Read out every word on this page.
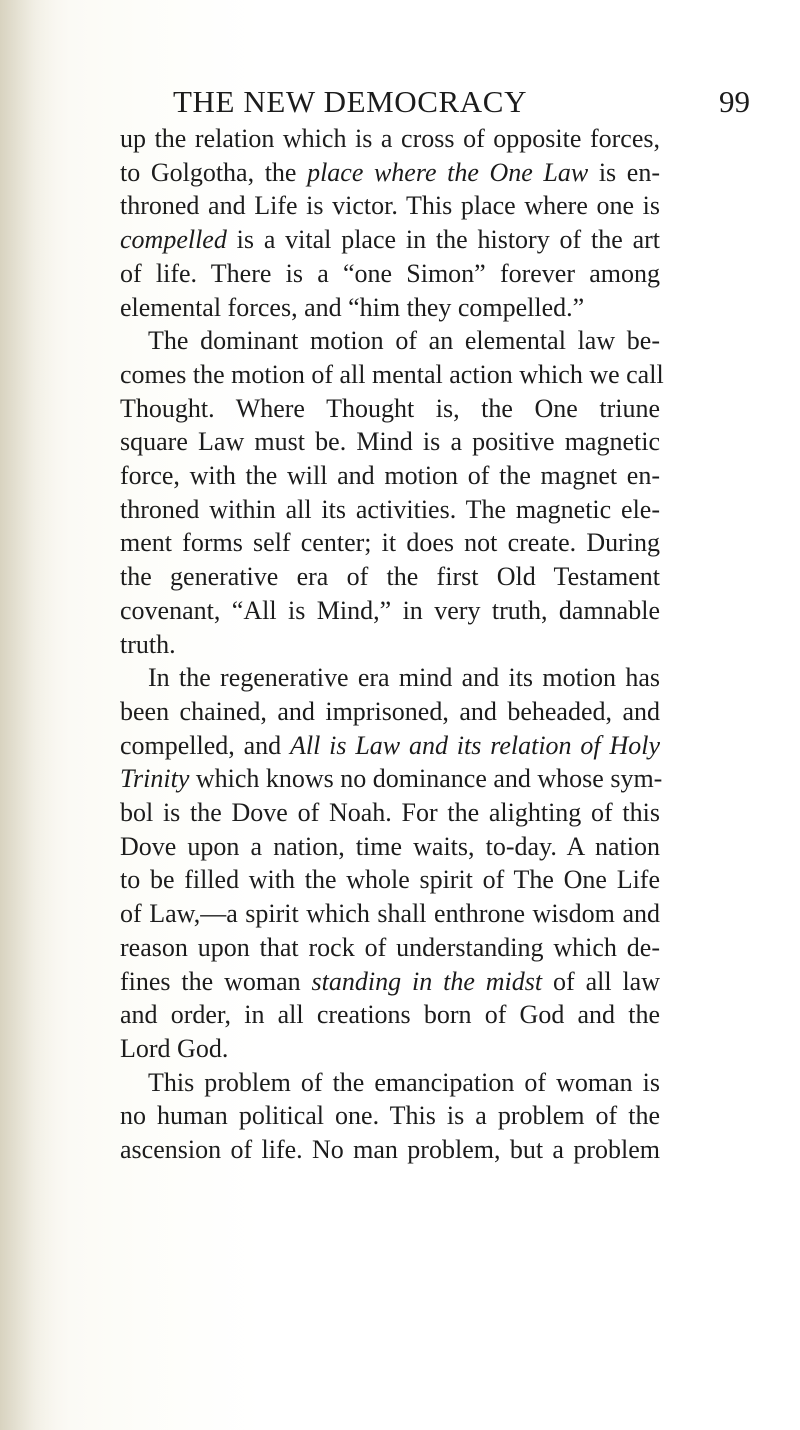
THE NEW DEMOCRACY	99
up the relation which is a cross of opposite forces,
to Golgotha, the place where the One Law is en-
throned and Life is victor. This place where one is
compelled is a vital place in the history of the art
of life. There is a “one Simon” forever among
elemental forces, and “him they compelled.”
The dominant motion of an elemental law be-
comes the motion of all mental action which we call
Thought. Where Thought is, the One triune
square Law must be. Mind is a positive magnetic
force, with the will and motion of the magnet en-
throned within all its activities. The magnetic ele-
ment forms self center; it does not create. During
the generative era of the first Old Testament
covenant, “All is Mind,” in very truth, damnable
truth.
In the regenerative era mind and its motion has
been chained, and imprisoned, and beheaded, and
compelled, and All is Law and its relation of Holy
Trinity which knows no dominance and whose sym-
bol is the Dove of Noah. For the alighting of this
Dove upon a nation, time waits, to-day. A nation
to be filled with the whole spirit of The One Life
of Law,—a spirit which shall enthrone wisdom and
reason upon that rock of understanding which de-
fines the woman standing in the midst of all law
and order, in all creations born of God and the
Lord God.
This problem of the emancipation of woman is
no human political one. This is a problem of the
ascension of life. No man problem, but a problem
